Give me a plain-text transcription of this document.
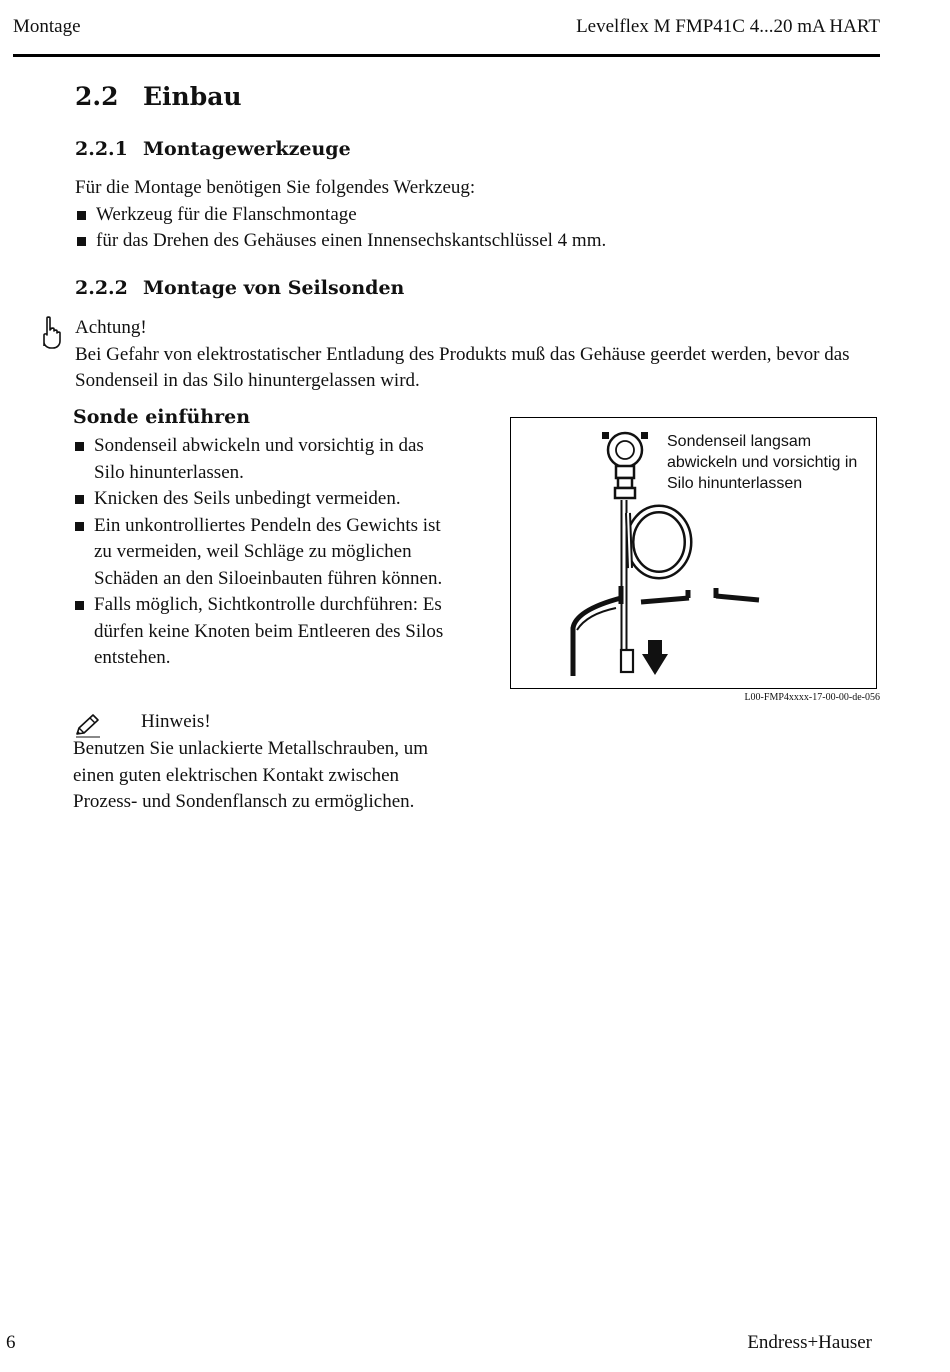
Montage	Levelflex M FMP41C 4...20 mA HART
2.2 Einbau
2.2.1 Montagewerkzeuge
Für die Montage benötigen Sie folgendes Werkzeug:
Werkzeug für die Flanschmontage
für das Drehen des Gehäuses einen Innensechskantschlüssel 4 mm.
2.2.2 Montage von Seilsonden
Achtung!
Bei Gefahr von elektrostatischer Entladung des Produkts muß das Gehäuse geerdet werden, bevor das Sondenseil in das Silo hinuntergelassen wird.
Sonde einführen
Sondenseil abwickeln und vorsichtig in das Silo hinunterlassen.
Knicken des Seils unbedingt vermeiden.
Ein unkontrolliertes Pendeln des Gewichts ist zu vermeiden, weil Schläge zu möglichen Schäden an den Siloeinbauten führen können.
Falls möglich, Sichtkontrolle durchführen: Es dürfen keine Knoten beim Entleeren des Silos entstehen.
Hinweis!
Benutzen Sie unlackierte Metallschrauben, um einen guten elektrischen Kontakt zwischen Prozess- und Sondenflansch zu ermöglichen.
Sondenseil langsam abwickeln und vorsichtig in Silo hinunterlassen
L00-FMP4xxxx-17-00-00-de-056
6	Endress+Hauser
